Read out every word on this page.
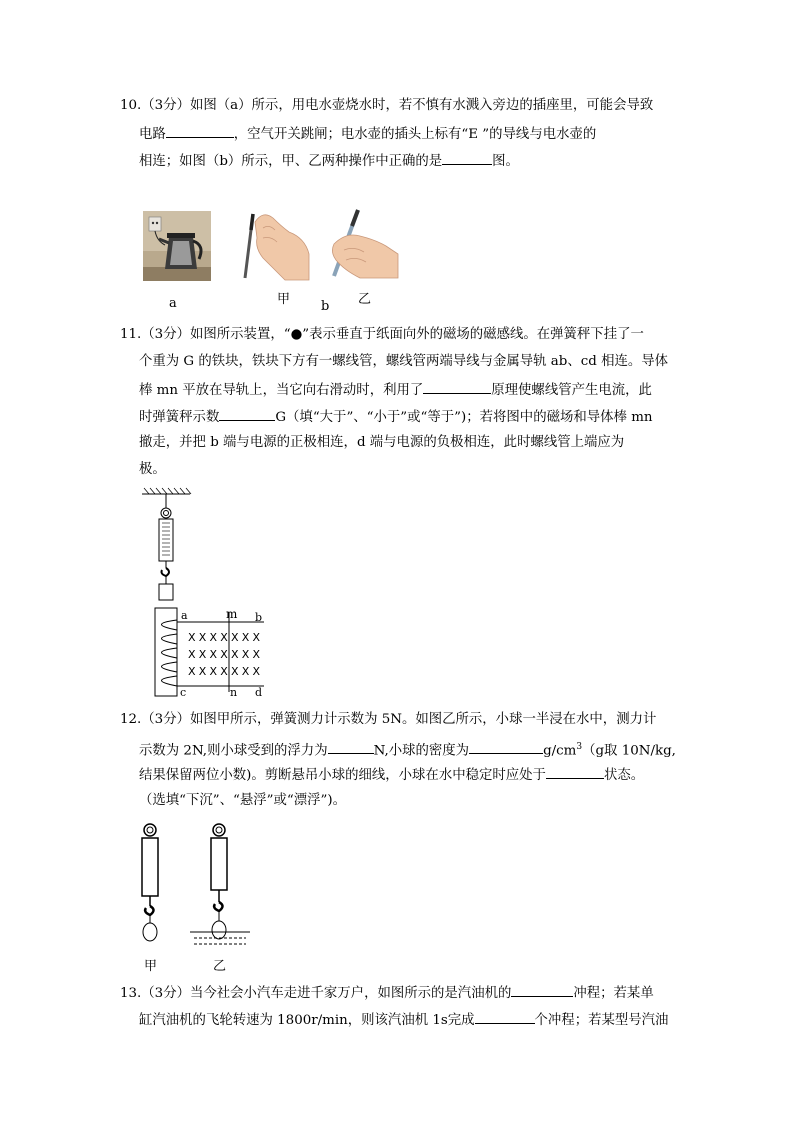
10.（3分）如图（a）所示，用电水壶烧水时，若不慎有水溅入旁边的插座里，可能会导致
电路	，空气开关跳闸；电水壶的插头上标有“E ”的导线与电水壶的
相连；如图（b）所示，甲、乙两种操作中正确的是	图。
a	甲 b 乙
11.（3分）如图所示装置，“●”表示垂直于纸面向外的磁场的磁感线。在弹簧秤下挂了一
个重为 G 的铁块，铁块下方有一螺线管，螺线管两端导线与金属导轨 ab、cd 相连。导体
棒 mn 平放在导轨上，当它向右滑动时，利用了	原理使螺线管产生电流，此
时弹簧秤示数	G（填“大于”、“小于”或“等于”)；若将图中的磁场和导体棒 mn
撤走，并把 b 端与电源的正极相连，d 端与电源的负极相连，此时螺线管上端应为
极。
a	m b
c	n d
XXXXXXX
XXXXXXX
XXXXXXX
12.（3分）如图甲所示，弹簧测力计示数为 5N。如图乙所示，小球一半浸在水中，测力计
示数为 2N,则小球受到的浮力为	N,小球的密度为	$g/cm^3(g$取 10N/kg,
结果保留两位小数)。剪断悬吊小球的细线，小球在水中稳定时应处于	状态。
（选填“下沉”、“悬浮”或“漂浮”)。
甲	乙
13.（3分）当今社会小汽车走进千家万户，如图所示的是汽油机的	冲程；若某单
缸汽油机的飞轮转速为 1800r/min，则该汽油机 1s完成	个冲程；若某型号汽油
